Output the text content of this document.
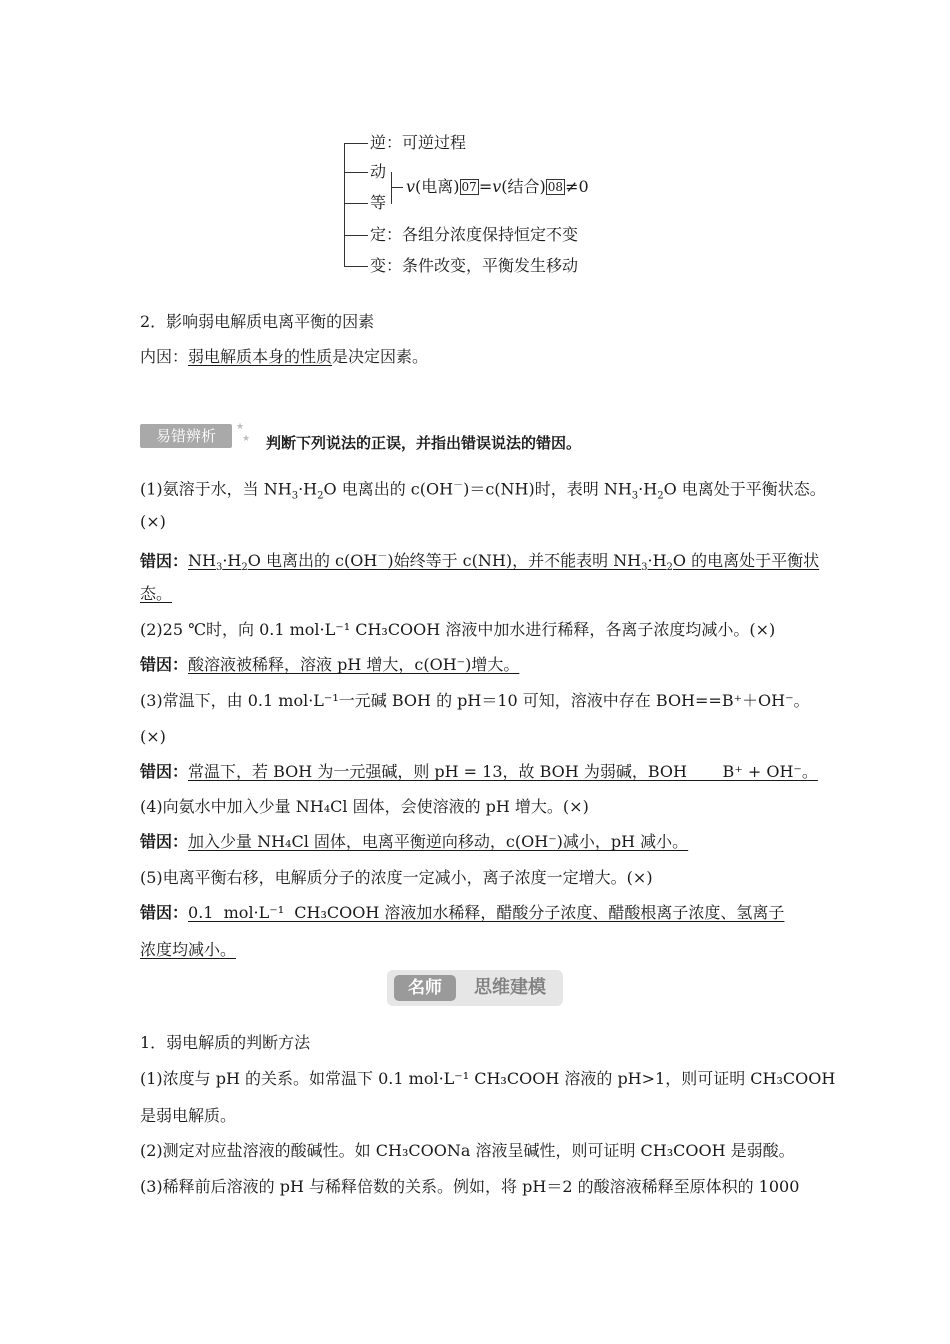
逆：可逆过程
动
等
v(电离) 07 =v(结合) 08 ≠0
定：各组分浓度保持恒定不变
变：条件改变，平衡发生移动
2．影响弱电解质电离平衡的因素
内因：弱电解质本身的性质是决定因素。
易错辨析	★
★ 判断下列说法的正误，并指出错误说法的错因。
(1)氨溶于水，当 $NH_3\cdot H_2O$ 电离出的 c(OH－)＝c(NH)时，表明 $NH_3\cdot H_2O$ 电离处于平衡状态。
(×)
错因：$NH_3\cdot H_2O$ 电离出的 c(OH－)始终等于 c(NH)，并不能表明 $NH_3\cdot H_2O$ 的电离处于平衡状
态。
(2)25 ℃时，向 0.1 mol·L⁻¹ CH₃COOH 溶液中加水进行稀释，各离子浓度均减小。(×)
错因：酸溶液被稀释，溶液 pH 增大，c(OH⁻)增大。
(3)常温下，由 0.1 mol·L⁻¹一元碱 BOH 的 pH＝10 可知，溶液中存在 BOH==B⁺＋OH⁻。
(×)
错因：常温下，若 BOH 为一元强碱，则 pH = 13，故 BOH 为弱碱，BOH       B⁺ + OH⁻。
(4)向氨水中加入少量 NH₄Cl 固体，会使溶液的 pH 增大。(×)
错因：加入少量 NH₄Cl 固体，电离平衡逆向移动，c(OH⁻)减小，pH 减小。
(5)电离平衡右移，电解质分子的浓度一定减小，离子浓度一定增大。(×)
错因：0.1  mol·L⁻¹  CH₃COOH 溶液加水稀释，醋酸分子浓度、醋酸根离子浓度、氢离子
浓度均减小。
名师	思维建模
1．弱电解质的判断方法
(1)浓度与 pH 的关系。如常温下 0.1 mol·L⁻¹ CH₃COOH 溶液的 pH>1，则可证明 CH₃COOH
是弱电解质。
(2)测定对应盐溶液的酸碱性。如 CH₃COONa 溶液呈碱性，则可证明 CH₃COOH 是弱酸。
(3)稀释前后溶液的 pH 与稀释倍数的关系。例如，将 pH＝2 的酸溶液稀释至原体积的 1000
